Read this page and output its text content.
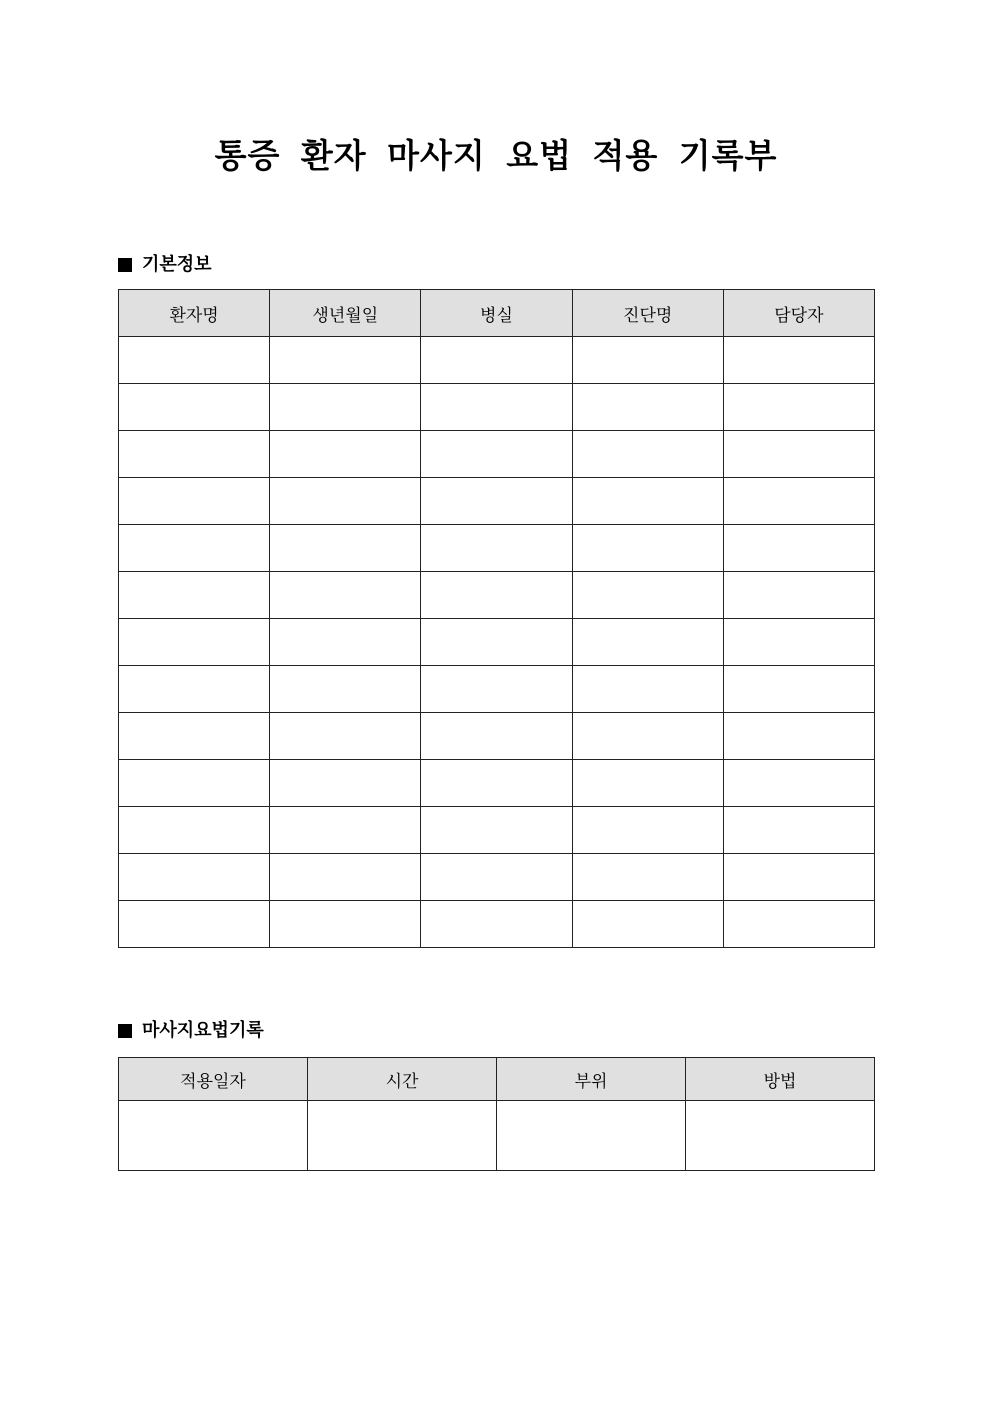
통증 환자 마사지 요법 적용 기록부
기본정보
환자명	생년월일	병실	진단명	담당자

마사지요법기록
적용일자	시간	부위	방법
